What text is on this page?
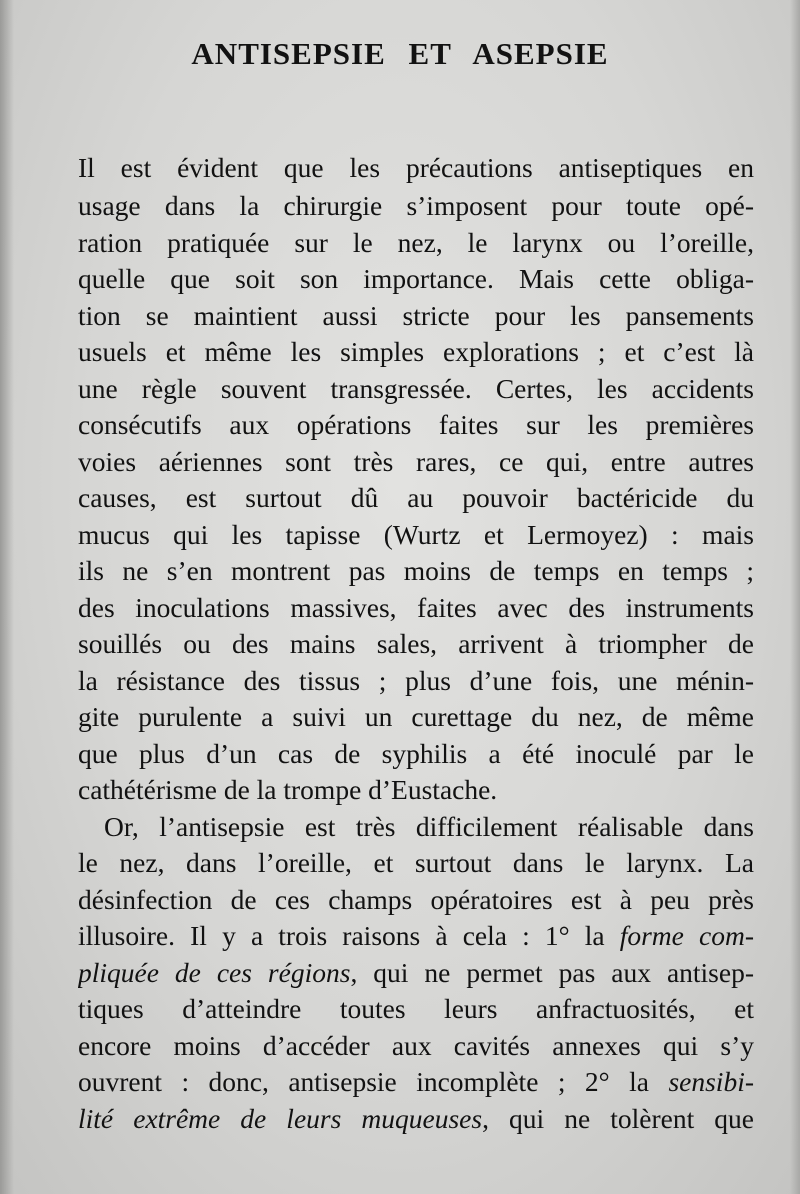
ANTISEPSIE ET ASEPSIE
Il est évident que les précautions antiseptiques en
usage dans la chirurgie s’imposent pour toute opé-
ration pratiquée sur le nez, le larynx ou l’oreille,
quelle que soit son importance. Mais cette obliga-
tion se maintient aussi stricte pour les pansements
usuels et même les simples explorations ; et c’est là
une règle souvent transgressée. Certes, les accidents
consécutifs aux opérations faites sur les premières
voies aériennes sont très rares, ce qui, entre autres
causes, est surtout dû au pouvoir bactéricide du
mucus qui les tapisse (Wurtz et Lermoyez) : mais
ils ne s’en montrent pas moins de temps en temps ;
des inoculations massives, faites avec des instruments
souillés ou des mains sales, arrivent à triompher de
la résistance des tissus ; plus d’une fois, une ménin-
gite purulente a suivi un curettage du nez, de même
que plus d’un cas de syphilis a été inoculé par le
cathétérisme de la trompe d’Eustache.
Or, l’antisepsie est très difficilement réalisable dans
le nez, dans l’oreille, et surtout dans le larynx. La
désinfection de ces champs opératoires est à peu près
illusoire. Il y a trois raisons à cela : 1° la forme com-
pliquée de ces régions, qui ne permet pas aux antisep-
tiques d’atteindre toutes leurs anfractuosités, et
encore moins d’accéder aux cavités annexes qui s’y
ouvrent : donc, antisepsie incomplète ; 2° la sensibi-
lité extrême de leurs muqueuses, qui ne tolèrent que
